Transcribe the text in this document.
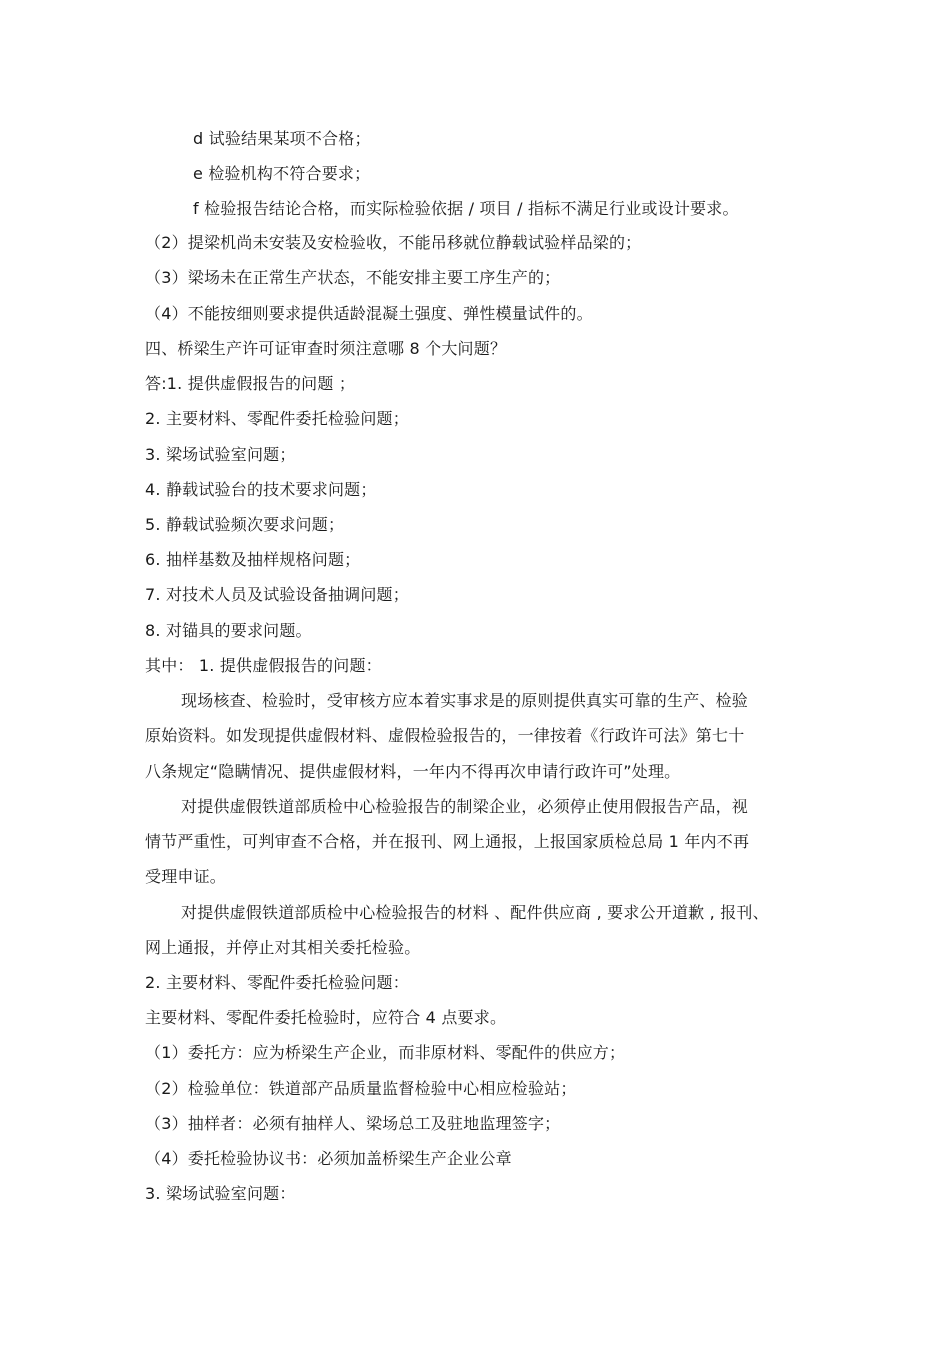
d 试验结果某项不合格；
e 检验机构不符合要求；
f 检验报告结论合格，而实际检验依据 / 项目 / 指标不满足行业或设计要求。
（2）提梁机尚未安装及安检验收，不能吊移就位静载试验样品梁的；
（3）梁场未在正常生产状态，不能安排主要工序生产的；
（4）不能按细则要求提供适龄混凝土强度、弹性模量试件的。
四、桥梁生产许可证审查时须注意哪 8 个大问题？
答:1. 提供虚假报告的问题 ；
2. 主要材料、零配件委托检验问题；
3. 梁场试验室问题；
4. 静载试验台的技术要求问题；
5. 静载试验频次要求问题；
6. 抽样基数及抽样规格问题；
7. 对技术人员及试验设备抽调问题；
8. 对锚具的要求问题。
其中： 1. 提供虚假报告的问题：
现场核查、检验时，受审核方应本着实事求是的原则提供真实可靠的生产、检验
原始资料。如发现提供虚假材料、虚假检验报告的，一律按着《行政许可法》第七十
八条规定“隐瞒情况、提供虚假材料，一年内不得再次申请行政许可”处理。
对提供虚假铁道部质检中心检验报告的制梁企业，必须停止使用假报告产品，视
情节严重性，可判审查不合格，并在报刊、网上通报，上报国家质检总局 1 年内不再
受理申证。
对提供虚假铁道部质检中心检验报告的材料 、配件供应商 , 要求公开道歉 , 报刊、
网上通报，并停止对其相关委托检验。
2. 主要材料、零配件委托检验问题：
主要材料、零配件委托检验时，应符合 4 点要求。
（1）委托方：应为桥梁生产企业，而非原材料、零配件的供应方；
（2）检验单位：铁道部产品质量监督检验中心相应检验站；
（3）抽样者：必须有抽样人、梁场总工及驻地监理签字；
（4）委托检验协议书：必须加盖桥梁生产企业公章
3. 梁场试验室问题：
